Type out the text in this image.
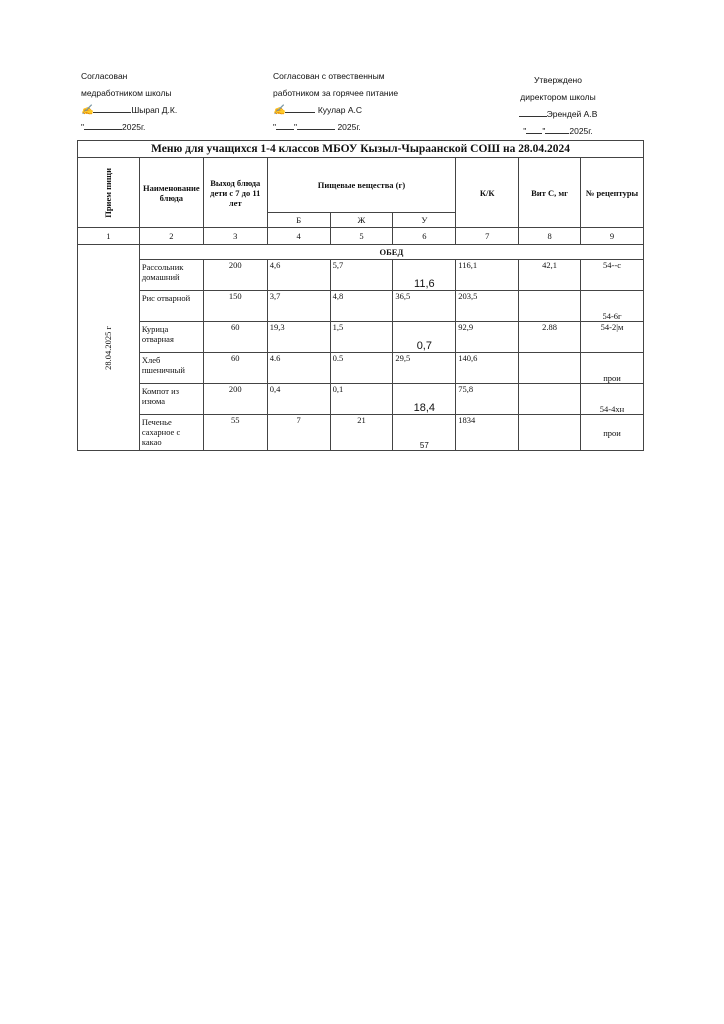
Согласован
медработником школы
✍	Шырап Д.К.
"	2025г.
Согласован с отвественным
работником за горячее питание
✍	Куулар А.С
" "	2025г.
Утверждено
директором школы
Эрендей А.В
" "	2025г.
Меню для учащихся 1-4 классов МБОУ Кызыл-Чыраанской СОШ на 28.04.2024								

Прием пищи	Наименование блюда	Выход блюда дети с 7 до 11 лет	Пищевые вещества (г)			К/К	Вит С, мг	№ рецептуры
			Б	Ж	У			
1	2	3	4	5	6	7	8	9

28.04.2025 г	ОБЕД							
	Рассольник домашний	200	4,6	5,7	11,6	116,1	42,1	54--с
	Рис отварной	150	3,7	4,8	36,5	203,5		54-6г
	Курица отварная	60	19,3	1,5	0,7	92,9	2.88	54-2|м
	Хлеб пшеничный	60	4.6	0.5	29,5	140,6		прои
	Компот из изюма	200	0,4	0,1	18,4	75,8		54-4хн
	Печенье сахарное с какао	55	7	21	57	1834		прои
